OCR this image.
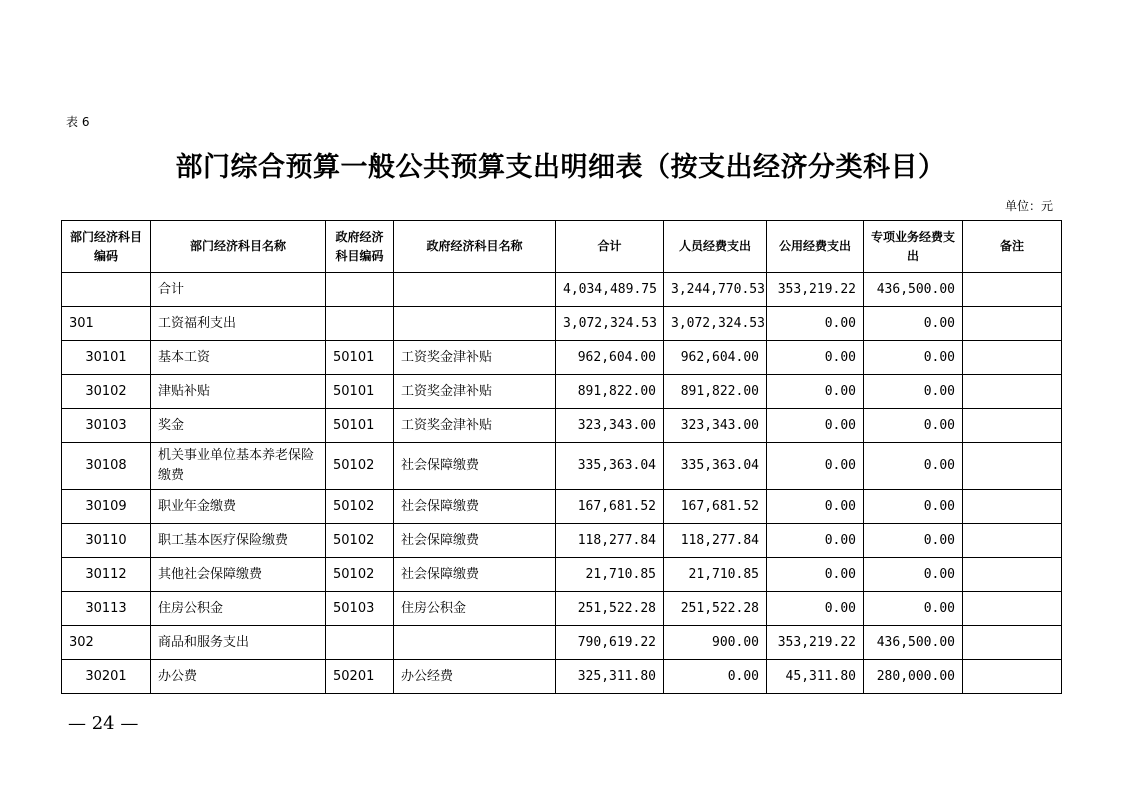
表 6
部门综合预算一般公共预算支出明细表（按支出经济分类科目）
单位：元
部门经济科目编码	部门经济科目名称	政府经济科目编码	政府经济科目名称	合计	人员经费支出	公用经费支出	专项业务经费支出	备注
	合计			4,034,489.75	3,244,770.53	353,219.22	436,500.00	
301	工资福利支出			3,072,324.53	3,072,324.53	0.00	0.00	
30101	基本工资	50101	工资奖金津补贴	962,604.00	962,604.00	0.00	0.00	
30102	津贴补贴	50101	工资奖金津补贴	891,822.00	891,822.00	0.00	0.00	
30103	奖金	50101	工资奖金津补贴	323,343.00	323,343.00	0.00	0.00	
30108	机关事业单位基本养老保险缴费	50102	社会保障缴费	335,363.04	335,363.04	0.00	0.00	
30109	职业年金缴费	50102	社会保障缴费	167,681.52	167,681.52	0.00	0.00	
30110	职工基本医疗保险缴费	50102	社会保障缴费	118,277.84	118,277.84	0.00	0.00	
30112	其他社会保障缴费	50102	社会保障缴费	21,710.85	21,710.85	0.00	0.00	
30113	住房公积金	50103	住房公积金	251,522.28	251,522.28	0.00	0.00	
302	商品和服务支出			790,619.22	900.00	353,219.22	436,500.00	
30201	办公费	50201	办公经费	325,311.80	0.00	45,311.80	280,000.00	
— 24 —
